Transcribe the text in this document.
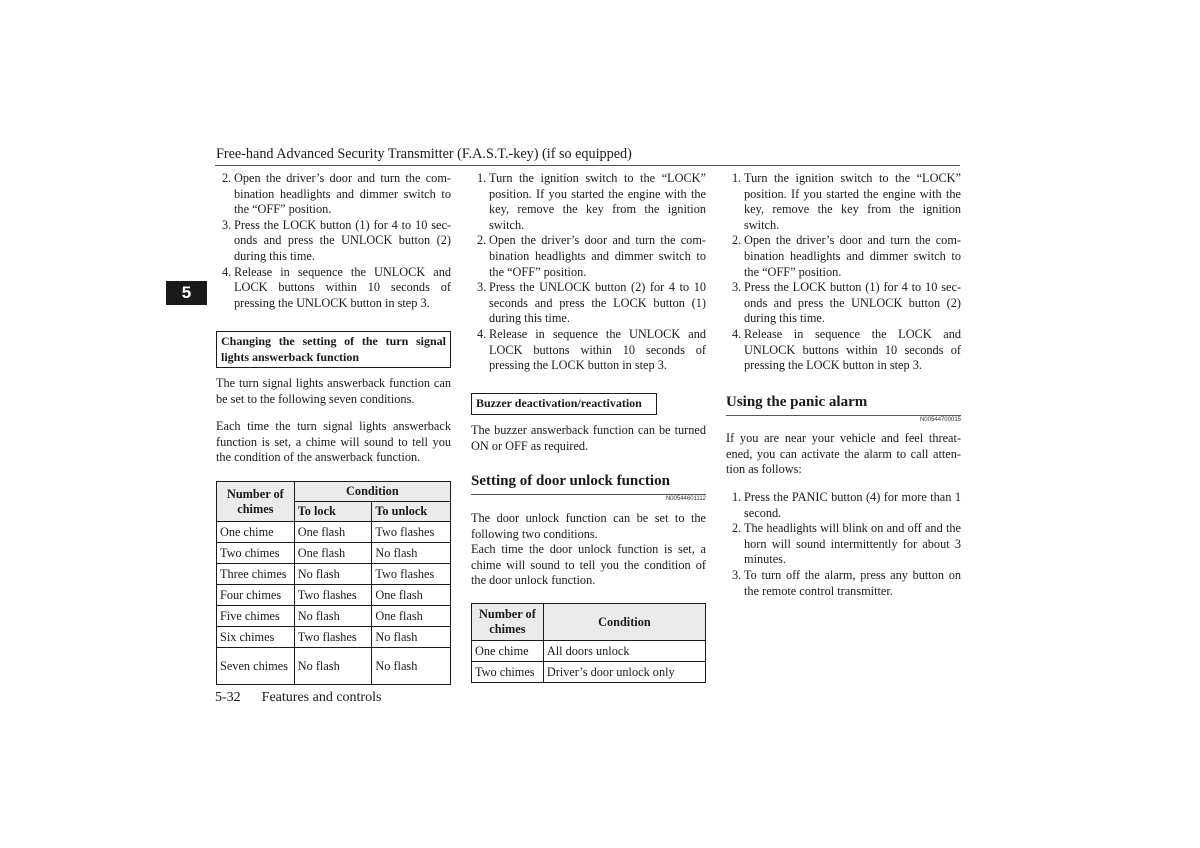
Free-hand Advanced Security Transmitter (F.A.S.T.-key) (if so equipped)
5
2. Open the driver’s door and turn the com-bination headlights and dimmer switch to the “OFF” position.
3. Press the LOCK button (1) for 4 to 10 sec-onds and press the UNLOCK button (2) during this time.
4. Release in sequence the UNLOCK and LOCK buttons within 10 seconds of pressing the UNLOCK button in step 3.
Changing the setting of the turn signal lights answerback function

The turn signal lights answerback function can be set to the following seven conditions.

Each time the turn signal lights answerback function is set, a chime will sound to tell you the condition of the answerback function.

Number of chimes	Condition	
	To lock	To unlock
One chime	One flash	Two flashes
Two chimes	One flash	No flash
Three chimes	No flash	Two flashes
Four chimes	Two flashes	One flash
Five chimes	No flash	One flash
Six chimes	Two flashes	No flash
Seven chimes	No flash	No flash
1. Turn the ignition switch to the “LOCK” position. If you started the engine with the key, remove the key from the ignition switch.
2. Open the driver’s door and turn the com-bination headlights and dimmer switch to the “OFF” position.
3. Press the UNLOCK button (2) for 4 to 10 seconds and press the LOCK button (1) during this time.
4. Release in sequence the UNLOCK and LOCK buttons within 10 seconds of pressing the LOCK button in step 3.
Buzzer deactivation/reactivation

The buzzer answerback function can be turned ON or OFF as required.

Setting of door unlock function
N00544601112

The door unlock function can be set to the following two conditions.

Each time the door unlock function is set, a chime will sound to tell you the condition of the door unlock function.

Number of chimes	Condition
One chime	All doors unlock
Two chimes	Driver’s door unlock only
1. Turn the ignition switch to the “LOCK” position. If you started the engine with the key, remove the key from the ignition switch.
2. Open the driver’s door and turn the com-bination headlights and dimmer switch to the “OFF” position.
3. Press the LOCK button (1) for 4 to 10 sec-onds and press the UNLOCK button (2) during this time.
4. Release in sequence the LOCK and UNLOCK buttons within 10 seconds of pressing the LOCK button in step 3.
Using the panic alarm
N00544700015

If you are near your vehicle and feel threat-ened, you can activate the alarm to call atten-tion as follows:

1. Press the PANIC button (4) for more than 1 second.
2. The headlights will blink on and off and the horn will sound intermittently for about 3 minutes.
3. To turn off the alarm, press any button on the remote control transmitter.
5-32 Features and controls
